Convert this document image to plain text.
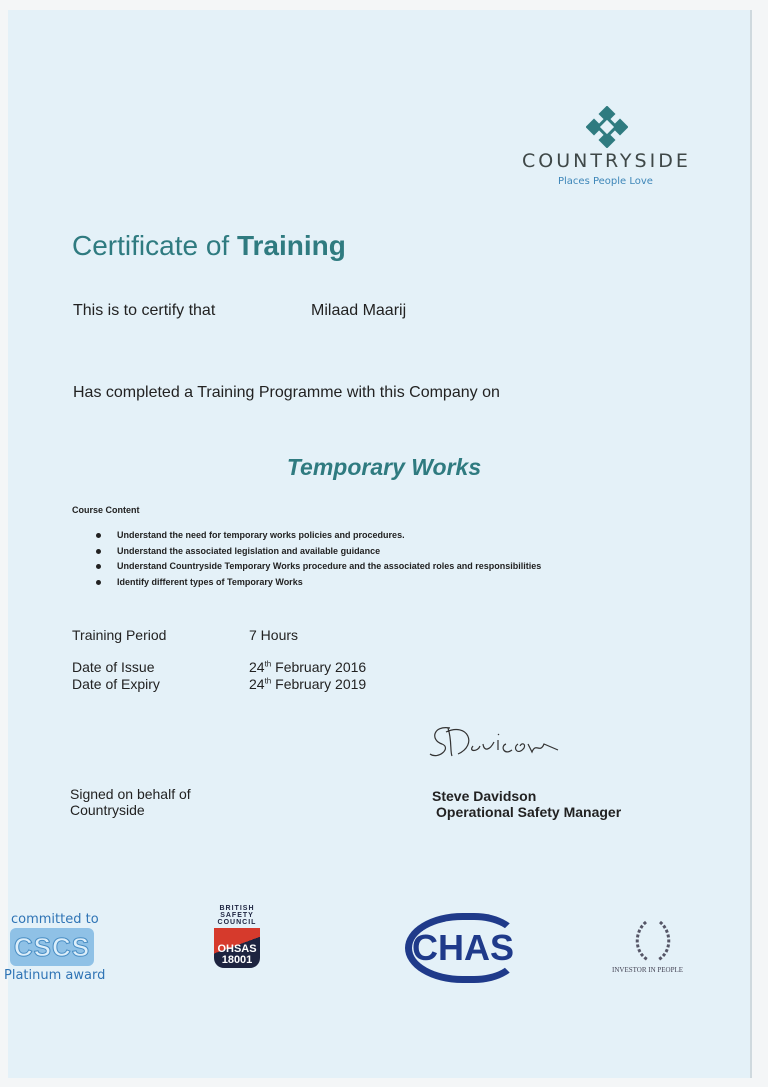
COUNTRYSIDE
Places People Love
Certificate of Training
This is to certify that	Milaad Maarij
Has completed a Training Programme with this Company on
Temporary Works
Course Content
Understand the need for temporary works policies and procedures.
Understand the associated legislation and available guidance
Understand Countryside Temporary Works procedure and the associated roles and responsibilities
Identify different types of Temporary Works
Training Period	7 Hours
Date of Issue	24th February 2016
Date of Expiry	24th February 2019
Signed on behalf of
Countryside
Steve Davidson
Operational Safety Manager
committed to
CSCS
Platinum award
BRITISH SAFETY COUNCIL
OHSAS 18001	CHAS
INVESTOR IN PEOPLE
